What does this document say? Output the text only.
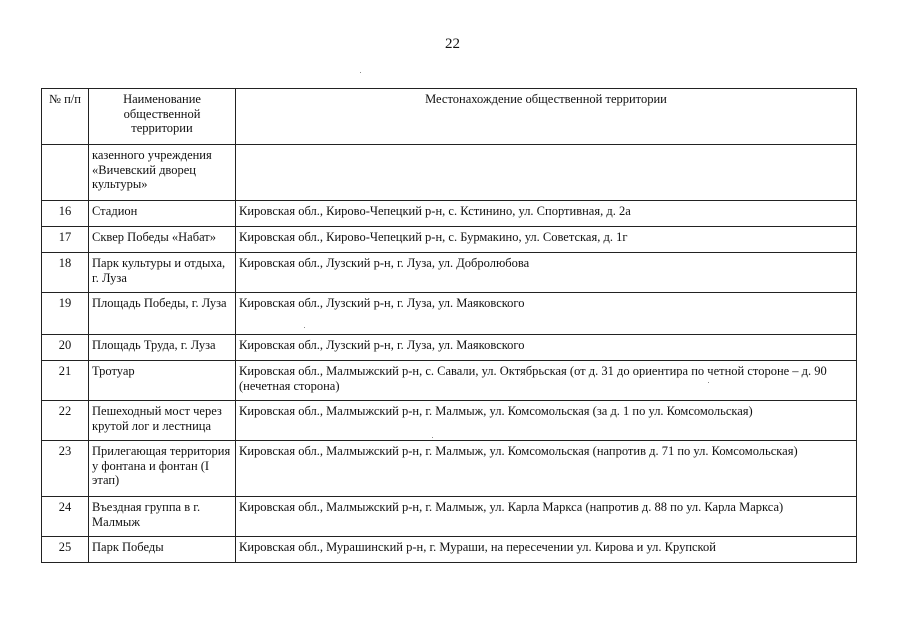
22
№ п/п	Наименование общественной территории	Местонахождение общественной территории
	казенного учреждения «Вичевский дворец культуры»	
16	Стадион	Кировская обл., Кирово-Чепецкий р-н, с. Кстинино, ул. Спортивная, д. 2а
17	Сквер Победы «Набат»	Кировская обл., Кирово-Чепецкий р-н, с. Бурмакино, ул. Советская, д. 1г
18	Парк культуры и отдыха, г. Луза	Кировская обл., Лузский р-н, г. Луза, ул. Добролюбова
19	Площадь Победы, г. Луза	Кировская обл., Лузский р-н, г. Луза, ул. Маяковского
20	Площадь Труда, г. Луза	Кировская обл., Лузский р-н, г. Луза, ул. Маяковского
21	Тротуар	Кировская обл., Малмыжский р-н, с. Савали, ул. Октябрьская (от д. 31 до ориентира по четной стороне – д. 90 (нечетная сторона)
22	Пешеходный мост через крутой лог и лестница	Кировская обл., Малмыжский р-н, г. Малмыж, ул. Комсомольская (за д. 1 по ул. Комсомольская)
23	Прилегающая территория у фонтана и фонтан (I этап)	Кировская обл., Малмыжский р-н, г. Малмыж, ул. Комсомольская (напротив д. 71 по ул. Комсомольская)
24	Въездная группа в г. Малмыж	Кировская обл., Малмыжский р-н, г. Малмыж, ул. Карла Маркса (напротив д. 88 по ул. Карла Маркса)
25	Парк Победы	Кировская обл., Мурашинский р-н, г. Мураши, на пересечении ул. Кирова и ул. Крупской
